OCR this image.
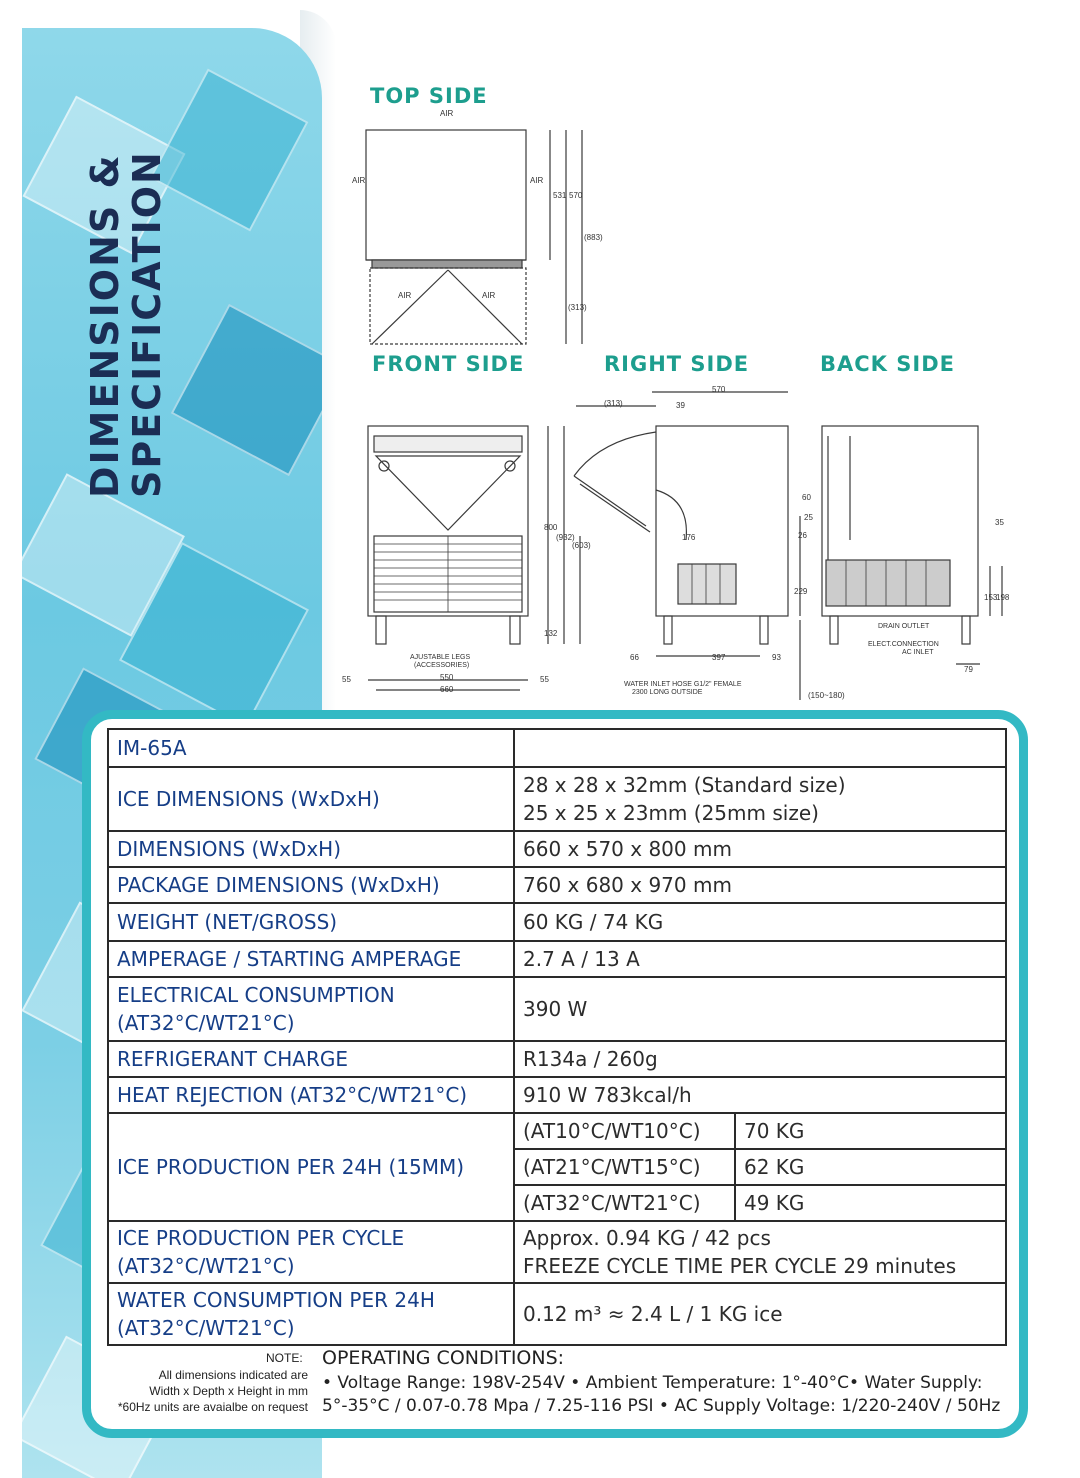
DIMENSIONS &
SPECIFICATION
TOP SIDE
FRONT SIDE	RIGHT SIDE	BACK SIDE
AIR
AIR	AIR
AIR	AIR
531 570
(883)
(313)
800
(932)
(603)
132
55	550
660
55
AJUSTABLE LEGS
(ACCESSORIES)
(313)	39
570
60
25
26
229
176
66	397	93
(150~180)
WATER INLET HOSE G1/2" FEMALE
2300 LONG OUTSIDE
35
153
198
79
DRAIN OUTLET
ELECT.CONNECTION
AC INLET
IM-65A		
ICE DIMENSIONS (WxDxH)	28 x 28 x 32mm (Standard size)
25 x 25 x 23mm (25mm size)	

DIMENSIONS (WxDxH)	660 x 570 x 800 mm	
PACKAGE DIMENSIONS (WxDxH)	760 x 680 x 970 mm	
WEIGHT (NET/GROSS)	60 KG / 74 KG	
AMPERAGE / STARTING AMPERAGE	2.7 A / 13 A	
ELECTRICAL CONSUMPTION (AT32°C/WT21°C)	390 W	
REFRIGERANT CHARGE	R134a / 260g	
HEAT REJECTION (AT32°C/WT21°C)	910 W 783kcal/h	
ICE PRODUCTION PER 24H (15MM)	(AT10°C/WT10°C)	70 KG
	(AT21°C/WT15°C)	62 KG
	(AT32°C/WT21°C)	49 KG
ICE PRODUCTION PER CYCLE (AT32°C/WT21°C)	Approx. 0.94 KG / 42 pcs
FREEZE CYCLE TIME PER CYCLE 29 minutes	

WATER CONSUMPTION PER 24H (AT32°C/WT21°C)	0.12 m³ ≈ 2.4 L / 1 KG ice	
NOTE:
All dimensions indicated are
Width x Depth x Height in mm
*60Hz units are avaialbe on request
OPERATING CONDITIONS:
• Voltage Range: 198V-254V • Ambient Temperature: 1°-40°C• Water Supply: 5°-35°C / 0.07-0.78 Mpa / 7.25-116 PSI • AC Supply Voltage: 1/220-240V / 50Hz
